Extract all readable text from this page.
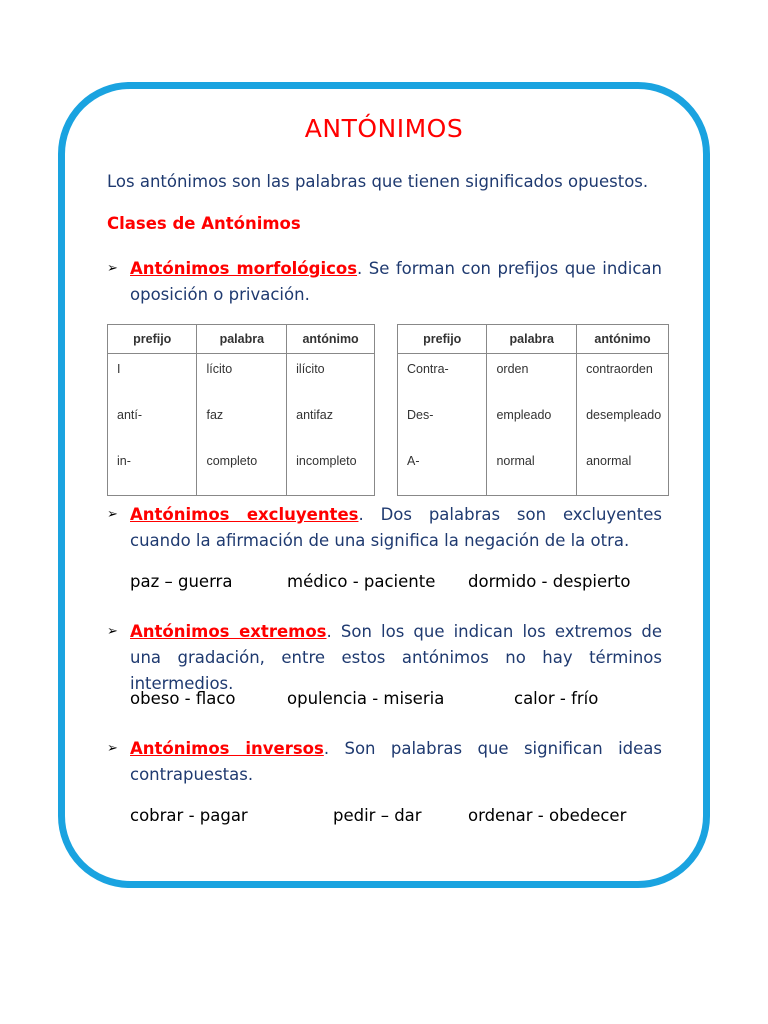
ANTÓNIMOS
Los antónimos son las palabras que tienen significados opuestos.
Clases de Antónimos
➢ Antónimos morfológicos. Se forman con prefijos que indican oposición o privación.
prefijo	palabra	antónimo
I	lícito	ilícito
antí-	faz	antifaz
in-	completo	incompleto
prefijo	palabra	antónimo
Contra-	orden	contraorden
Des-	empleado	desempleado
A-	normal	anormal
➢ Antónimos excluyentes. Dos palabras son excluyentes cuando la afirmación de una significa la negación de la otra.
paz – guerra	médico - paciente dormido - despierto
➢ Antónimos extremos. Son los que indican los extremos de una gradación, entre estos antónimos no hay términos intermedios.
obeso - flaco	opulencia - miseria	calor - frío
➢ Antónimos inversos. Son palabras que significan ideas contrapuestas.
cobrar - pagar	pedir – dar	ordenar - obedecer
